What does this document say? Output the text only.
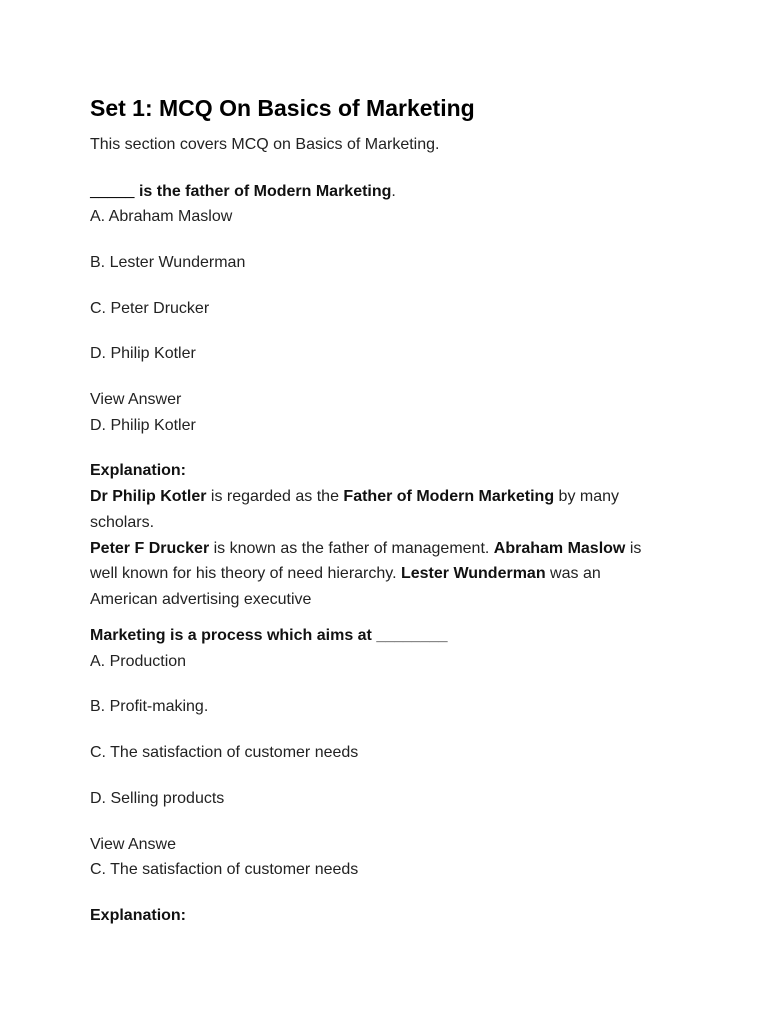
Set 1: MCQ On Basics of Marketing
This section covers MCQ on Basics of Marketing.
_____ is the father of Modern Marketing.
A. Abraham Maslow
B. Lester Wunderman
C. Peter Drucker
D. Philip Kotler
View Answer
D. Philip Kotler
Explanation:
Dr Philip Kotler is regarded as the Father of Modern Marketing by many
scholars.
Peter F Drucker is known as the father of management. Abraham Maslow is
well known for his theory of need hierarchy. Lester Wunderman was an
American advertising executive
Marketing is a process which aims at ________
A. Production
B. Profit-making.
C. The satisfaction of customer needs
D. Selling products
View Answe
C. The satisfaction of customer needs
Explanation:
